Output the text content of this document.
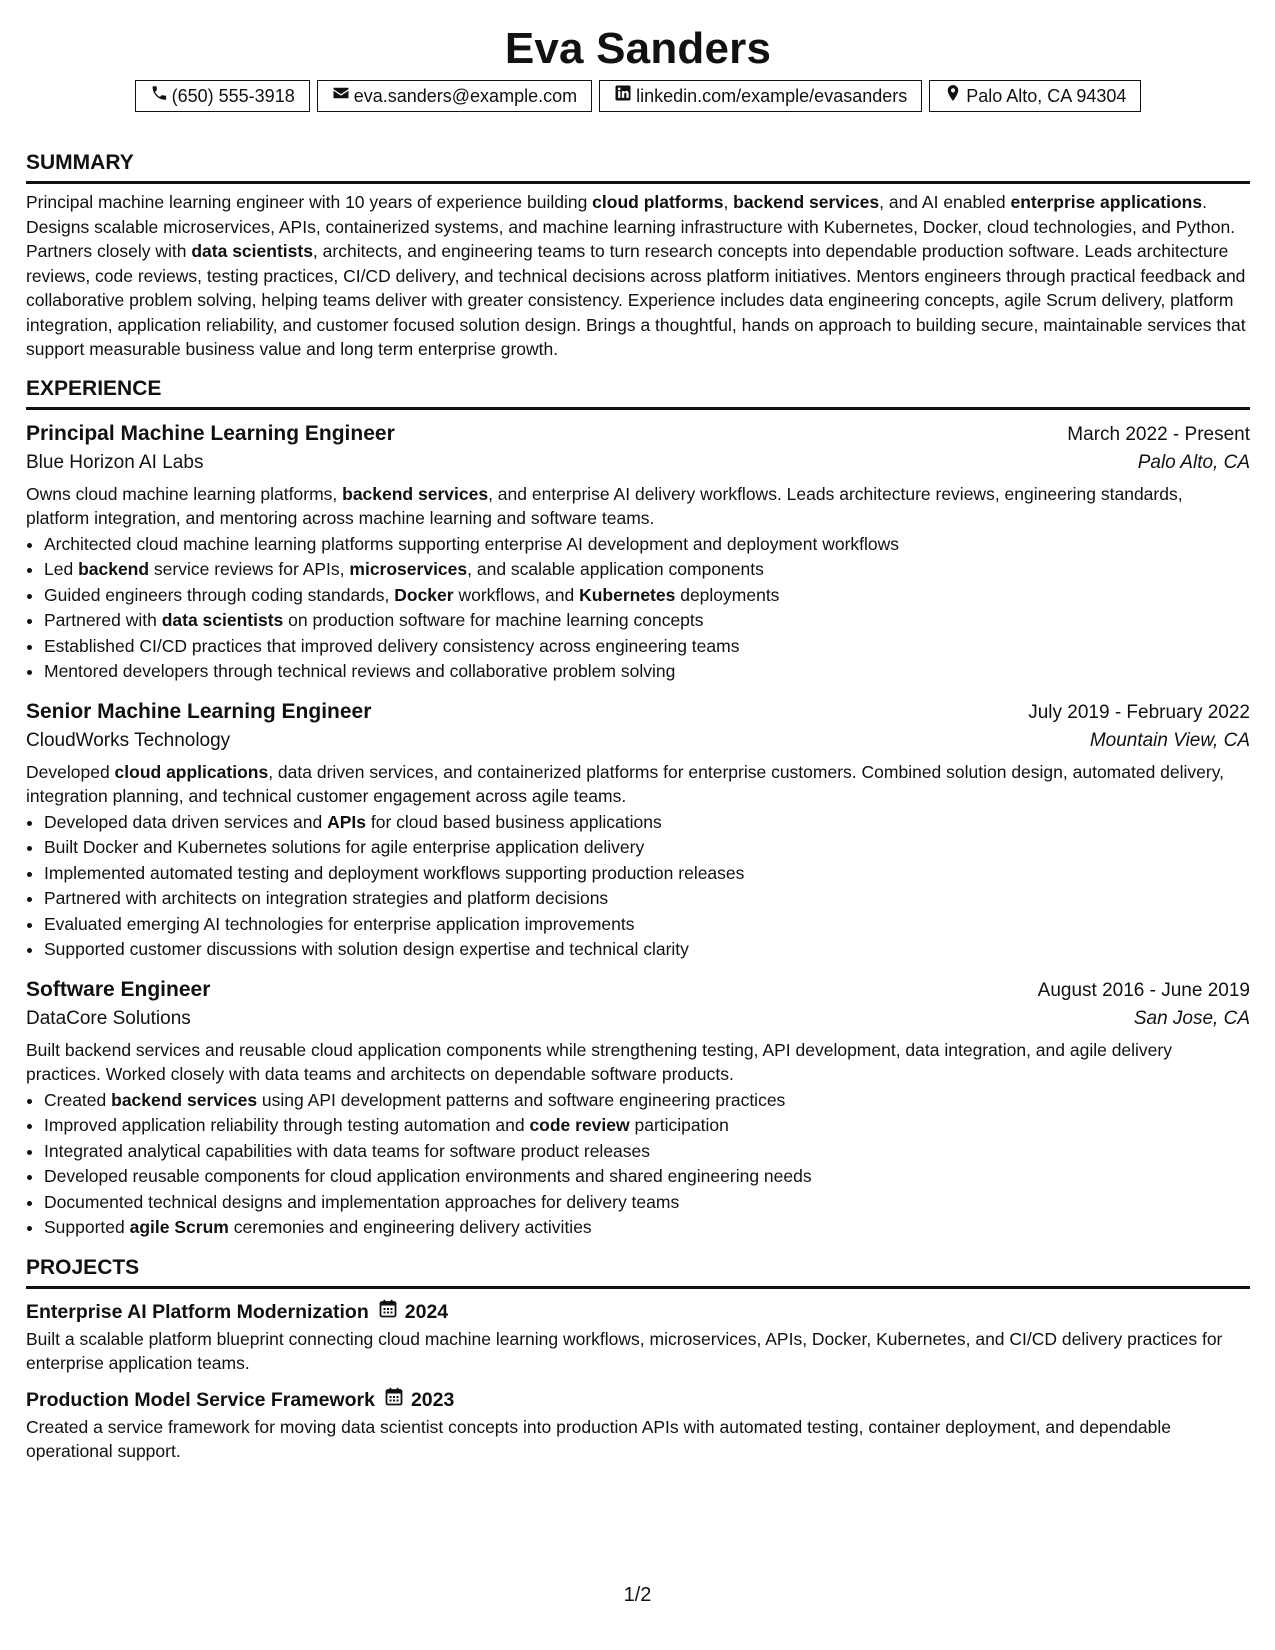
Eva Sanders
(650) 555-3918	eva.sanders@example.com	linkedin.com/example/evasanders	Palo Alto, CA 94304
SUMMARY
Principal machine learning engineer with 10 years of experience building cloud platforms, backend services, and AI enabled enterprise applications. Designs scalable microservices, APIs, containerized systems, and machine learning infrastructure with Kubernetes, Docker, cloud technologies, and Python. Partners closely with data scientists, architects, and engineering teams to turn research concepts into dependable production software. Leads architecture reviews, code reviews, testing practices, CI/CD delivery, and technical decisions across platform initiatives. Mentors engineers through practical feedback and collaborative problem solving, helping teams deliver with greater consistency. Experience includes data engineering concepts, agile Scrum delivery, platform integration, application reliability, and customer focused solution design. Brings a thoughtful, hands on approach to building secure, maintainable services that support measurable business value and long term enterprise growth.
EXPERIENCE
Principal Machine Learning Engineer	March 2022 - Present
Blue Horizon AI Labs	Palo Alto, CA
Owns cloud machine learning platforms, backend services, and enterprise AI delivery workflows. Leads architecture reviews, engineering standards, platform integration, and mentoring across machine learning and software teams.
• Architected cloud machine learning platforms supporting enterprise AI development and deployment workflows
• Led backend service reviews for APIs, microservices, and scalable application components
• Guided engineers through coding standards, Docker workflows, and Kubernetes deployments
• Partnered with data scientists on production software for machine learning concepts
• Established CI/CD practices that improved delivery consistency across engineering teams
• Mentored developers through technical reviews and collaborative problem solving
Senior Machine Learning Engineer	July 2019 - February 2022
CloudWorks Technology	Mountain View, CA
Developed cloud applications, data driven services, and containerized platforms for enterprise customers. Combined solution design, automated delivery, integration planning, and technical customer engagement across agile teams.
• Developed data driven services and APIs for cloud based business applications
• Built Docker and Kubernetes solutions for agile enterprise application delivery
• Implemented automated testing and deployment workflows supporting production releases
• Partnered with architects on integration strategies and platform decisions
• Evaluated emerging AI technologies for enterprise application improvements
• Supported customer discussions with solution design expertise and technical clarity
Software Engineer	August 2016 - June 2019
DataCore Solutions	San Jose, CA
Built backend services and reusable cloud application components while strengthening testing, API development, data integration, and agile delivery practices. Worked closely with data teams and architects on dependable software products.
• Created backend services using API development patterns and software engineering practices
• Improved application reliability through testing automation and code review participation
• Integrated analytical capabilities with data teams for software product releases
• Developed reusable components for cloud application environments and shared engineering needs
• Documented technical designs and implementation approaches for delivery teams
• Supported agile Scrum ceremonies and engineering delivery activities
PROJECTS
Enterprise AI Platform Modernization 2024
Built a scalable platform blueprint connecting cloud machine learning workflows, microservices, APIs, Docker, Kubernetes, and CI/CD delivery practices for enterprise application teams.
Production Model Service Framework 2023
Created a service framework for moving data scientist concepts into production APIs with automated testing, container deployment, and dependable operational support.
1/2
